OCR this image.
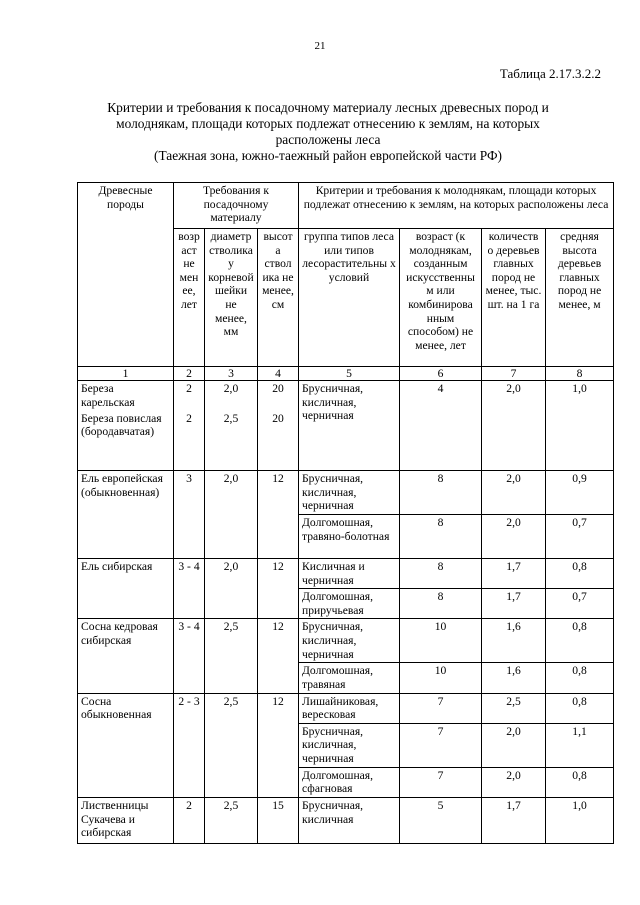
21
Таблица 2.17.3.2.2
Критерии и требования к посадочному материалу лесных древесных пород и
молоднякам, площади которых подлежат отнесению к землям, на которых
расположены леса
(Таежная зона, южно-таежный район европейской части РФ)
Древесные породы	Требования к посадочному материалу			Критерии и требования к молоднякам, площади которых подлежат отнесению к землям, на которых расположены леса			
	возр аст не мен ее, лет	диаметр стволика у корневой шейки не менее, мм	высот а ствол ика не менее, см	группа типов леса или типов лесорастительны х условий	возраст (к молоднякам, созданным искусственны м или комбинирова нным способом) не менее, лет	количеств о деревьев главных пород не менее, тыс. шт. на 1 га	средняя высота деревьев главных пород не менее, м
1	2	3	4	5	6	7	8
Береза карельская	2	2,0	20	Брусничная, кисличная, черничная	4	2,0	1,0
Береза повислая (бородавчатая)	2	2,5	20				
Ель европейская (обыкновенная)	3	2,0	12	Брусничная, кисличная, черничная	8	2,0	0,9
				Долгомошная, травяно-болотная	8	2,0	0,7
Ель сибирская	3 - 4	2,0	12	Кисличная и черничная	8	1,7	0,8
				Долгомошная, приручьевая	8	1,7	0,7
Сосна кедровая сибирская	3 - 4	2,5	12	Брусничная, кисличная, черничная	10	1,6	0,8
				Долгомошная, травяная	10	1,6	0,8
Сосна обыкновенная	2 - 3	2,5	12	Лишайниковая, вересковая	7	2,5	0,8
				Брусничная, кисличная, черничная	7	2,0	1,1
				Долгомошная, сфагновая	7	2,0	0,8
Лиственницы Сукачева и сибирская	2	2,5	15	Брусничная, кисличная	5	1,7	1,0
